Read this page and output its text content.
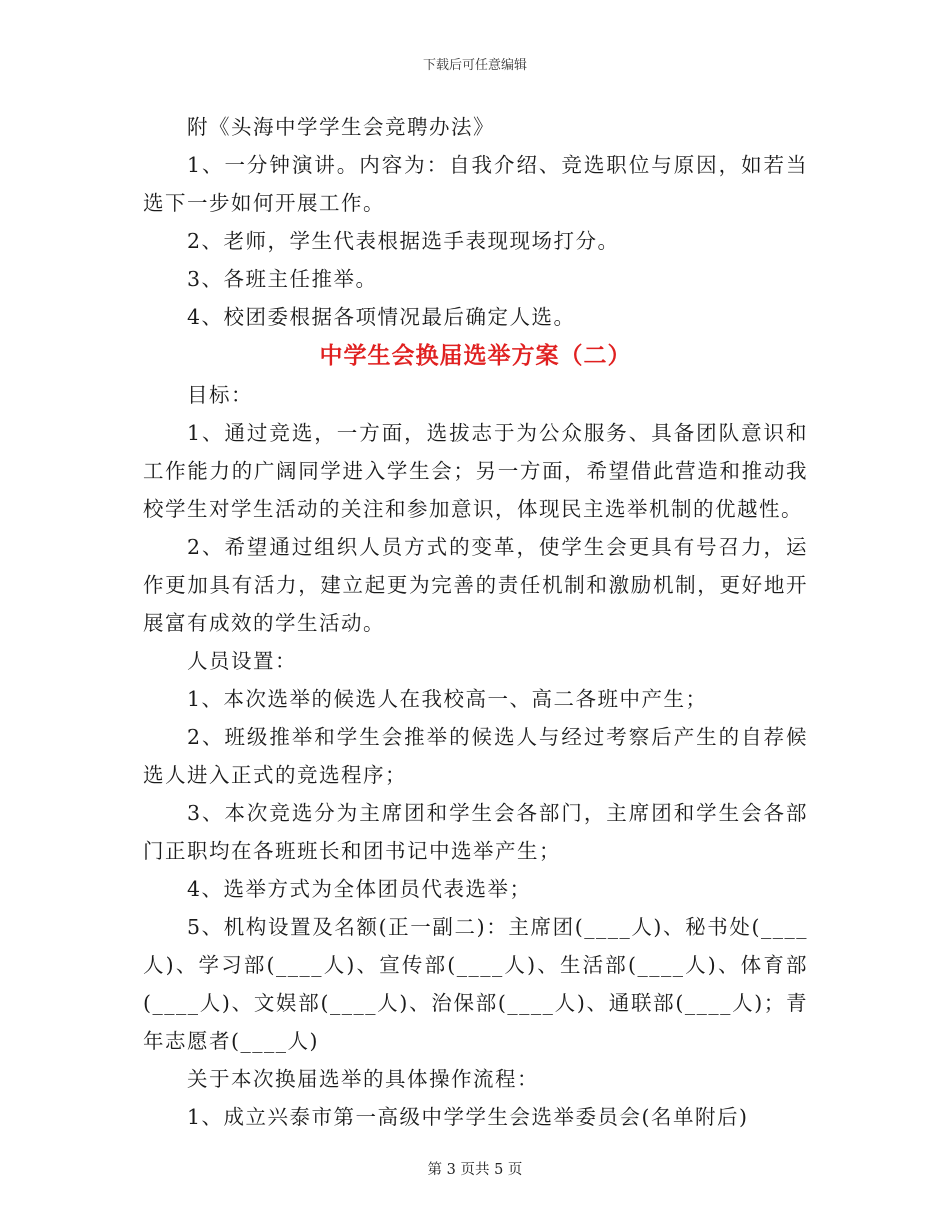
下载后可任意编辑

附《头海中学学生会竞聘办法》

1、一分钟演讲。内容为：自我介绍、竞选职位与原因，如若当选下一步如何开展工作。

2、老师，学生代表根据选手表现现场打分。

3、各班主任推举。

4、校团委根据各项情况最后确定人选。

中学生会换届选举方案（二）

目标：

1、通过竞选，一方面，选拔志于为公众服务、具备团队意识和工作能力的广阔同学进入学生会；另一方面，希望借此营造和推动我校学生对学生活动的关注和参加意识，体现民主选举机制的优越性。

2、希望通过组织人员方式的变革，使学生会更具有号召力，运作更加具有活力，建立起更为完善的责任机制和激励机制，更好地开展富有成效的学生活动。

人员设置：

1、本次选举的候选人在我校高一、高二各班中产生；

2、班级推举和学生会推举的候选人与经过考察后产生的自荐候选人进入正式的竞选程序；

3、本次竞选分为主席团和学生会各部门，主席团和学生会各部门正职均在各班班长和团书记中选举产生；

4、选举方式为全体团员代表选举；

5、机构设置及名额(正一副二)：主席团(____人)、秘书处(____人)、学习部(____人)、宣传部(____人)、生活部(____人)、体育部(____人)、文娱部(____人)、治保部(____人)、通联部(____人)；青年志愿者(____人)

关于本次换届选举的具体操作流程：

1、成立兴泰市第一高级中学学生会选举委员会(名单附后)

第 3 页共 5 页
